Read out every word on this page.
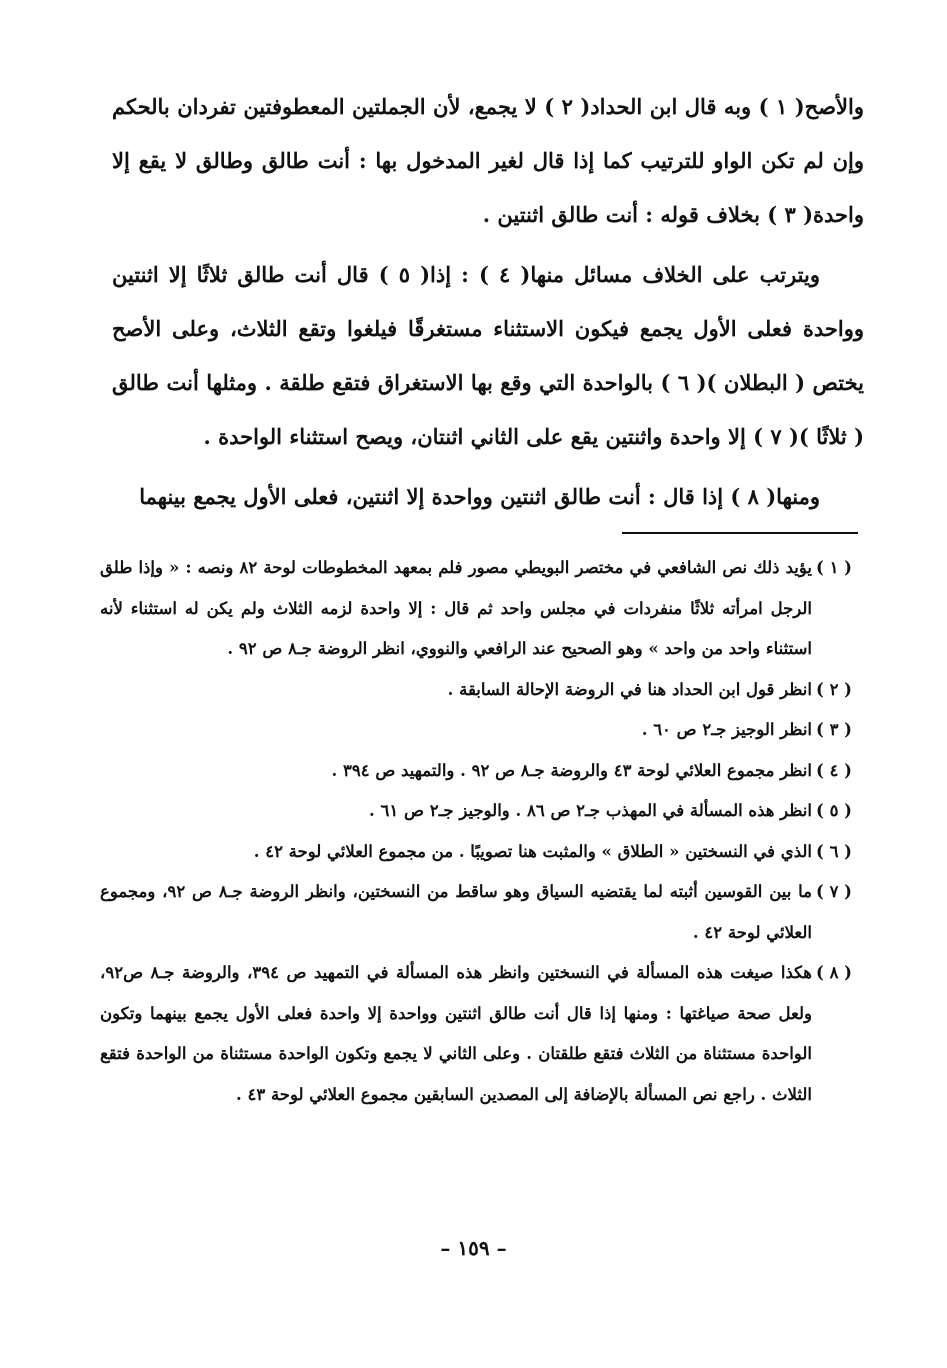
والأصح( ١ ) وبه قال ابن الحداد( ٢ ) لا يجمع، لأن الجملتين المعطوفتين تفردان بالحكم وإن لم تكن الواو للترتيب كما إذا قال لغير المدخول بها : أنت طالق وطالق لا يقع إلا واحدة( ٣ ) بخلاف قوله : أنت طالق اثنتين .

ويترتب على الخلاف مسائل منها( ٤ ) : إذا( ٥ ) قال أنت طالق ثلاثًا إلا اثنتين وواحدة فعلى الأول يجمع فيكون الاستثناء مستغرقًا فيلغوا وتقع الثلاث، وعلى الأصح يختص ( البطلان )( ٦ ) بالواحدة التي وقع بها الاستغراق فتقع طلقة . ومثلها أنت طالق ( ثلاثًا )( ٧ ) إلا واحدة واثنتين يقع على الثاني اثنتان، ويصح استثناء الواحدة .

ومنها( ٨ ) إذا قال : أنت طالق اثنتين وواحدة إلا اثنتين، فعلى الأول يجمع بينهما

( ١ )
يؤيد ذلك نص الشافعي في مختصر البويطي مصور فلم بمعهد المخطوطات لوحة ٨٢ ونصه : « وإذا طلق الرجل امرأته ثلاثًا منفردات في مجلس واحد ثم قال : إلا واحدة لزمه الثلاث ولم يكن له استثناء لأنه استثناء واحد من واحد » وهو الصحيح عند الرافعي والنووي، انظر الروضة جـ٨ ص ٩٢ .
( ٢ )
انظر قول ابن الحداد هنا في الروضة الإحالة السابقة .
( ٣ )
انظر الوجيز جـ٢ ص ٦٠ .
( ٤ )
انظر مجموع العلائي لوحة ٤٣ والروضة جـ٨ ص ٩٢ . والتمهيد ص ٣٩٤ .
( ٥ )
انظر هذه المسألة في المهذب جـ٢ ص ٨٦ . والوجيز جـ٢ ص ٦١ .
( ٦ )
الذي في النسختين « الطلاق » والمثبت هنا تصويبًا . من مجموع العلائي لوحة ٤٢ .
( ٧ )
ما بين القوسين أثبته لما يقتضيه السياق وهو ساقط من النسختين، وانظر الروضة جـ٨ ص ٩٢، ومجموع العلائي لوحة ٤٢ .
( ٨ )
هكذا صيغت هذه المسألة في النسختين وانظر هذه المسألة في التمهيد ص ٣٩٤، والروضة جـ٨ ص٩٢، ولعل صحة صياغتها : ومنها إذا قال أنت طالق اثنتين وواحدة إلا واحدة فعلى الأول يجمع بينهما وتكون الواحدة مستثناة من الثلاث فتقع طلقتان . وعلى الثاني لا يجمع وتكون الواحدة مستثناة من الواحدة فتقع الثلاث . راجع نص المسألة بالإضافة إلى المصدين السابقين مجموع العلائي لوحة ٤٣ .
– ١٥٩ –
